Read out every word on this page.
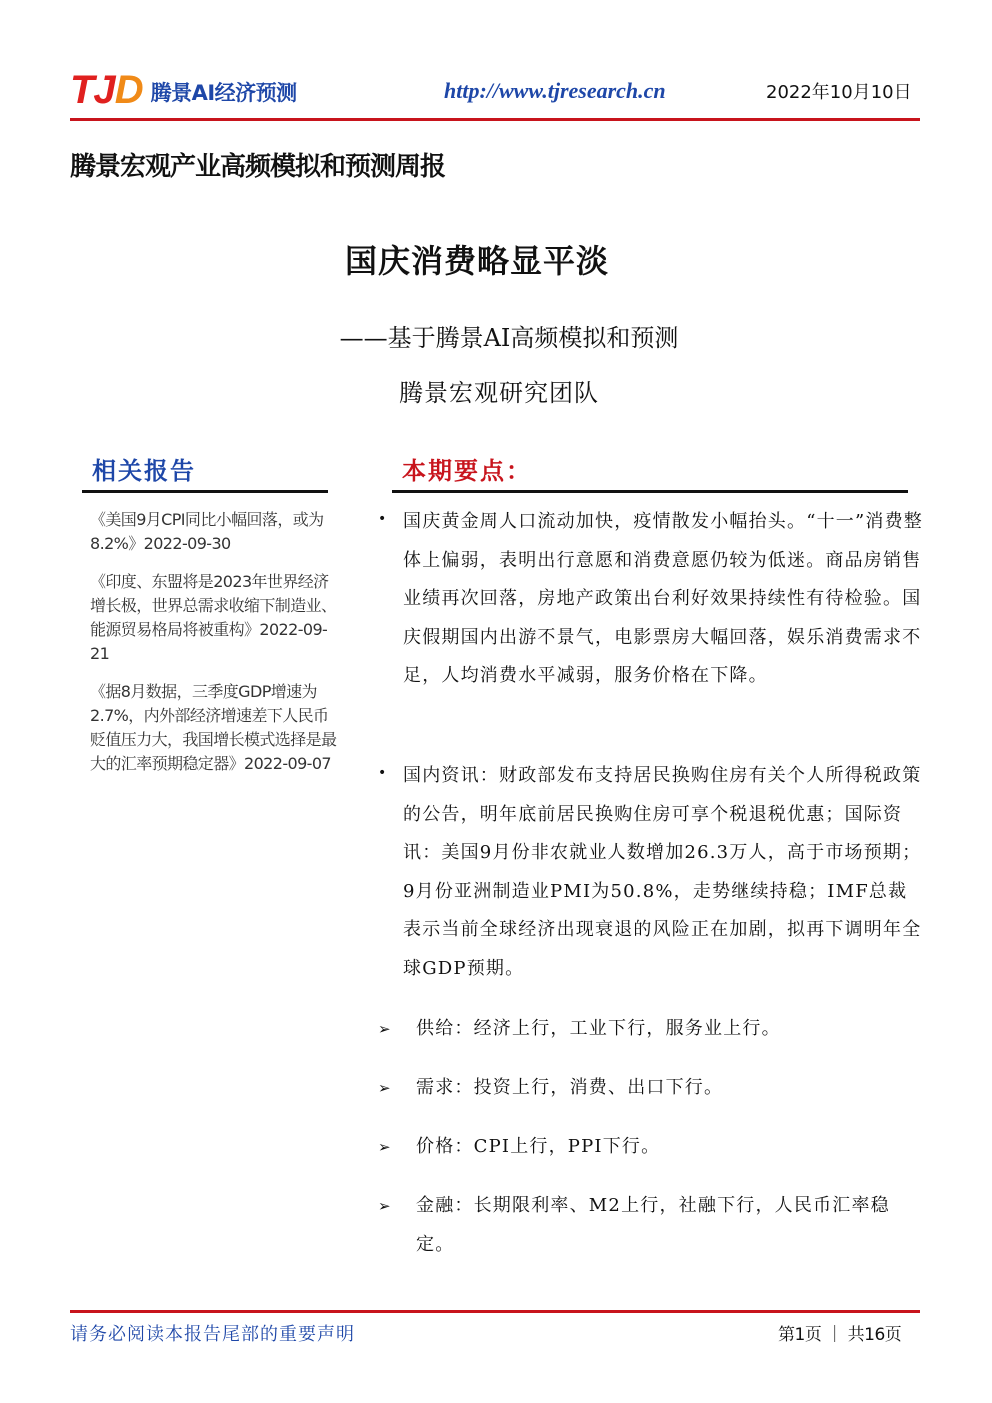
TJD 腾景AI经济预测	http://www.tjresearch.cn	2022年10月10日
腾景宏观产业高频模拟和预测周报
国庆消费略显平淡
——基于腾景AI高频模拟和预测
腾景宏观研究团队
相关报告

《美国9月CPI同比小幅回落，或为8.2%》2022-09-30

《印度、东盟将是2023年世界经济增长极，世界总需求收缩下制造业、能源贸易格局将被重构》2022-09-21

《据8月数据，三季度GDP增速为2.7%，内外部经济增速差下人民币贬值压力大，我国增长模式选择是最大的汇率预期稳定器》2022-09-07

本期要点：
• 国庆黄金周人口流动加快，疫情散发小幅抬头。“十一”消费整体上偏弱，表明出行意愿和消费意愿仍较为低迷。商品房销售业绩再次回落，房地产政策出台利好效果持续性有待检验。国庆假期国内出游不景气，电影票房大幅回落，娱乐消费需求不足，人均消费水平减弱，服务价格在下降。

• 国内资讯：财政部发布支持居民换购住房有关个人所得税政策的公告，明年底前居民换购住房可享个税退税优惠；国际资讯：美国9月份非农就业人数增加26.3万人，高于市场预期；9月份亚洲制造业PMI为50.8%，走势继续持稳；IMF总裁表示当前全球经济出现衰退的风险正在加剧，拟再下调明年全球GDP预期。

➢ 供给：经济上行，工业下行，服务业上行。

➢ 需求：投资上行，消费、出口下行。

➢ 价格：CPI上行，PPI下行。

➢ 金融：长期限利率、M2上行，社融下行，人民币汇率稳定。

请务必阅读本报告尾部的重要声明	第1页 ｜ 共16页
